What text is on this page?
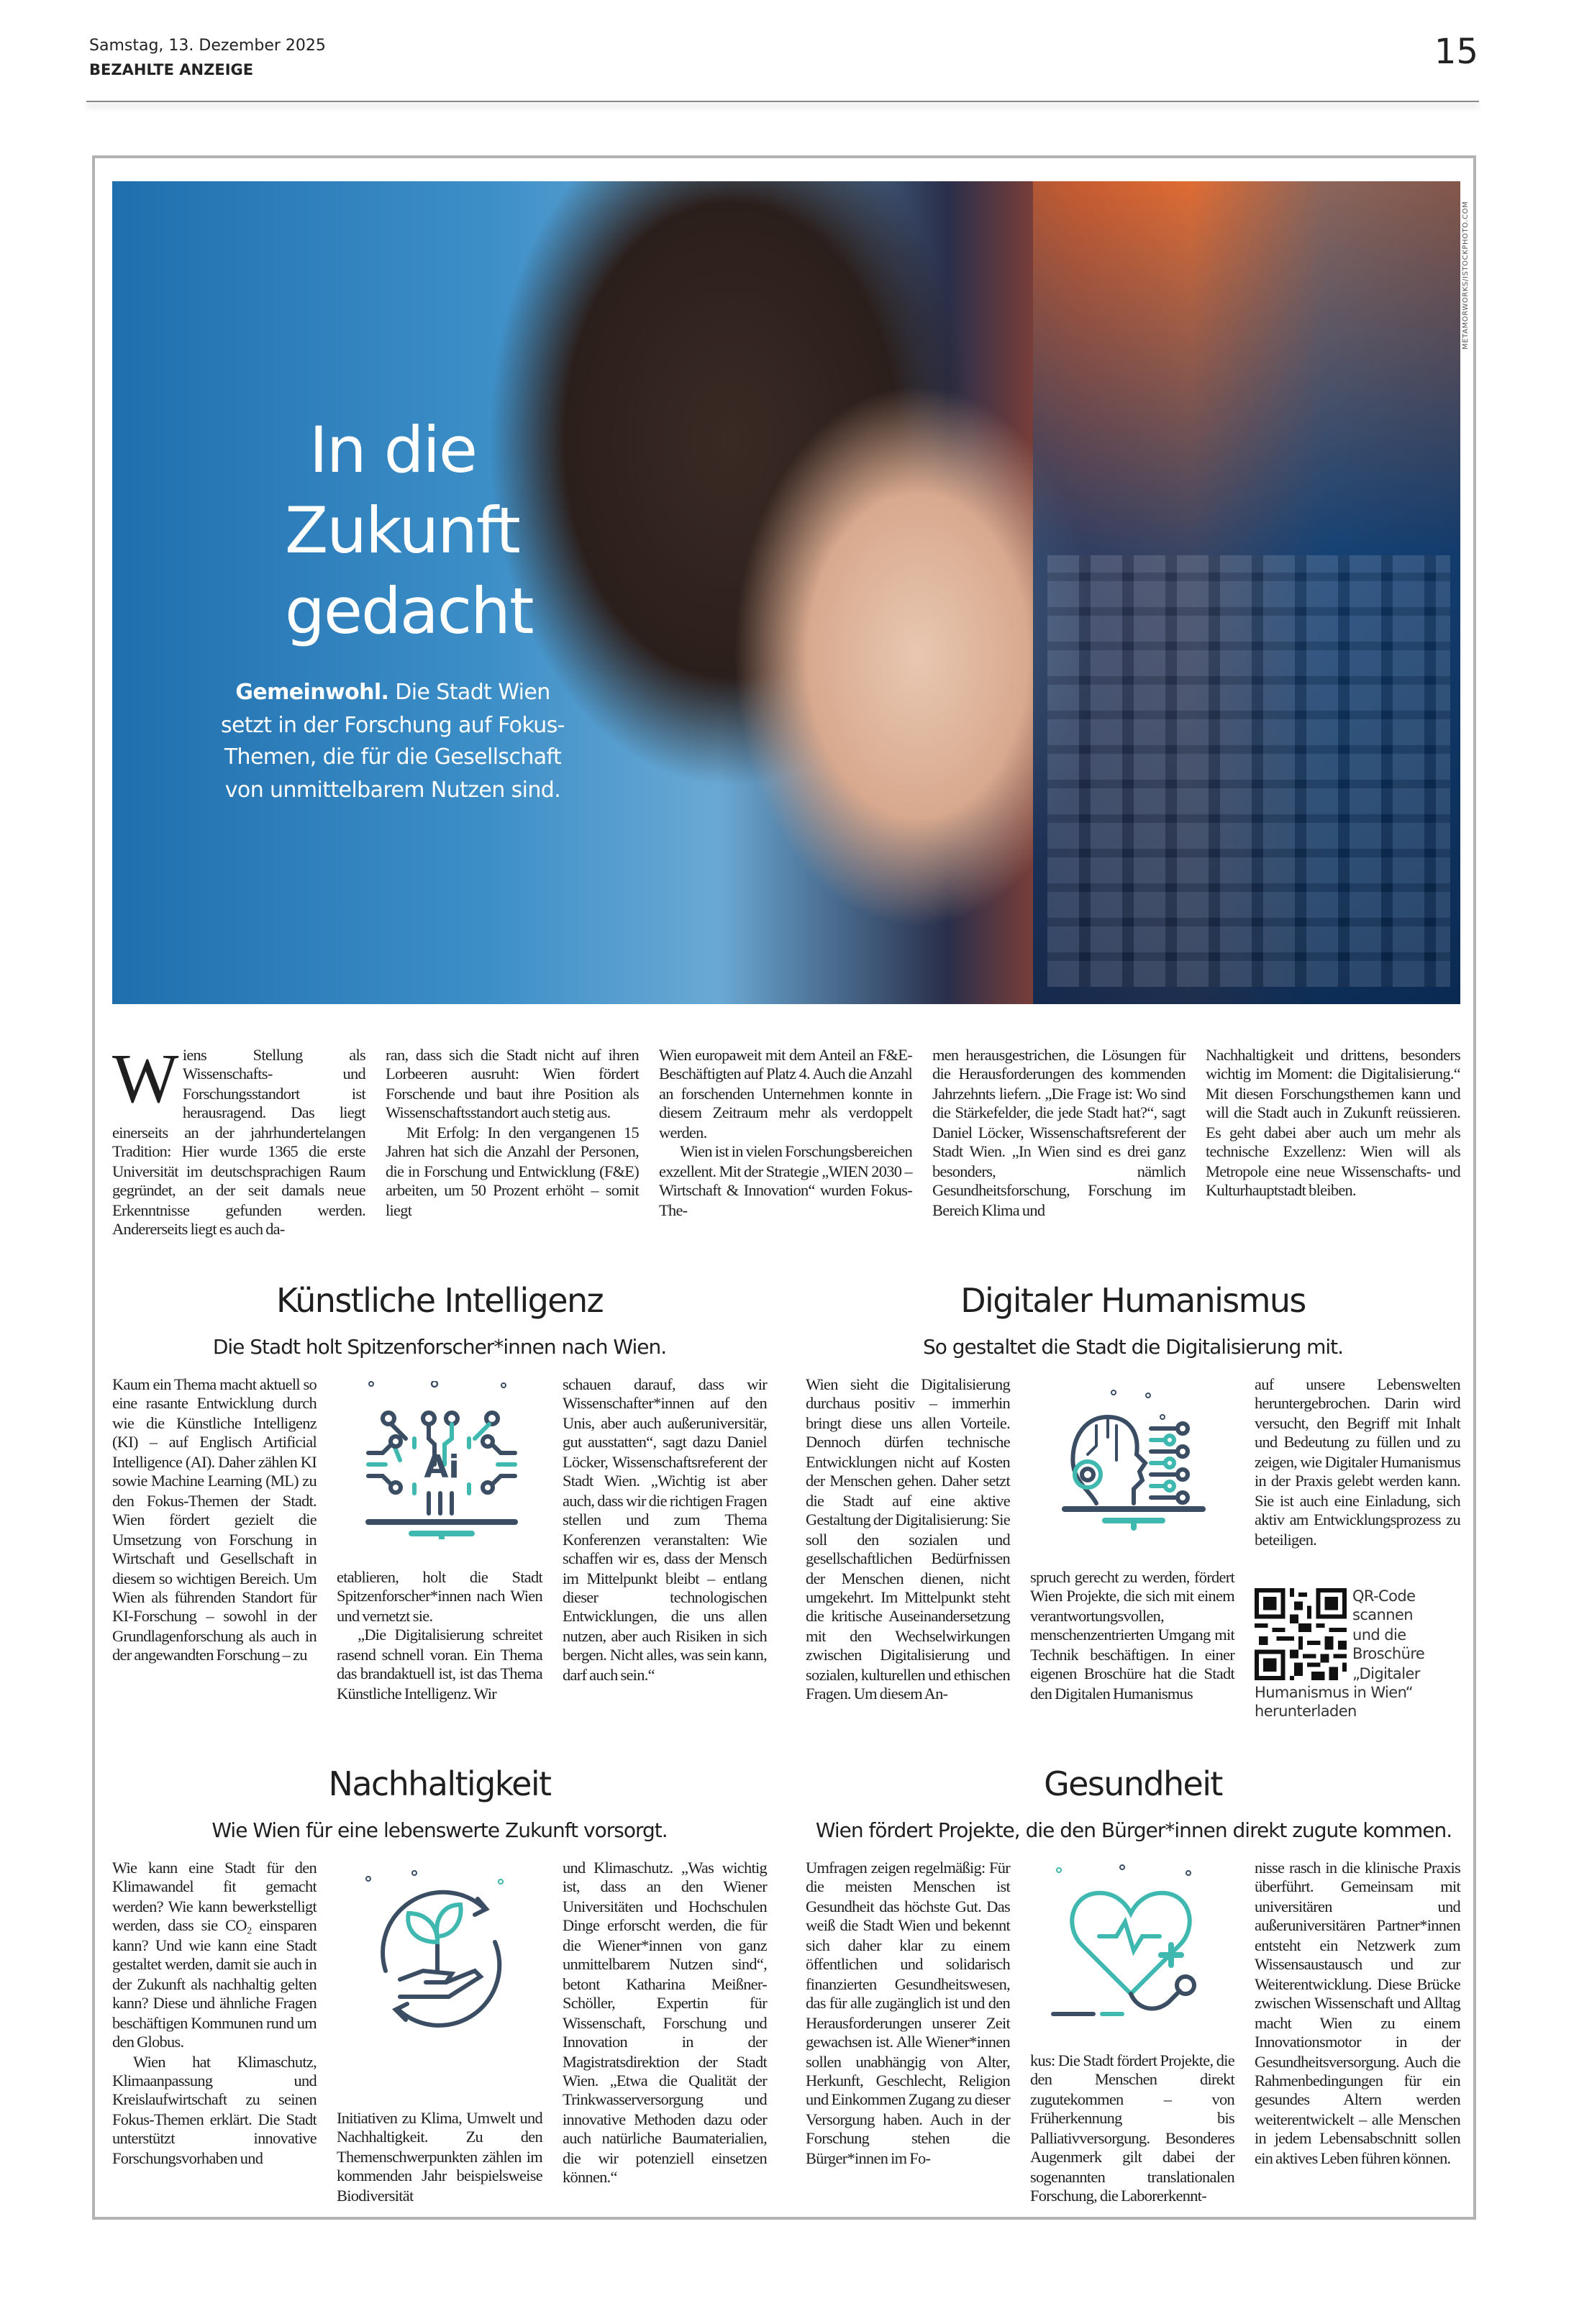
Samstag, 13. Dezember 2025
BEZAHLTE ANZEIGE	15
In die Zukunft gedacht
Gemeinwohl. Die Stadt Wien setzt in der Forschung auf Fokus-Themen, die für die Gesellschaft von unmittelbarem Nutzen sind.
METAMORWORKS/ISTOCKPHOTO.COM

Wiens Stellung als Wissenschafts- und Forschungsstandort ist herausragend. Das liegt einerseits an der jahrhundertelangen Tradition: Hier wurde 1365 die erste Universität im deutschsprachigen Raum gegründet, an der seit damals neue Erkenntnisse gefunden werden. Andererseits liegt es auch da-

ran, dass sich die Stadt nicht auf ihren Lorbeeren ausruht: Wien fördert Forschende und baut ihre Position als Wissenschaftsstandort auch stetig aus.

Mit Erfolg: In den vergangenen 15 Jahren hat sich die Anzahl der Personen, die in Forschung und Entwicklung (F&E) arbeiten, um 50 Prozent erhöht – somit liegt

Wien europaweit mit dem Anteil an F&E-Beschäftigten auf Platz 4. Auch die Anzahl an forschenden Unternehmen konnte in diesem Zeitraum mehr als verdoppelt werden.

Wien ist in vielen Forschungsbereichen exzellent. Mit der Strategie „WIEN 2030 – Wirtschaft & Innovation“ wurden Fokus-The-

men herausgestrichen, die Lösungen für die Herausforderungen des kommenden Jahrzehnts liefern. „Die Frage ist: Wo sind die Stärkefelder, die jede Stadt hat?“, sagt Daniel Löcker, Wissenschaftsreferent der Stadt Wien. „In Wien sind es drei ganz besonders, nämlich Gesundheitsforschung, Forschung im Bereich Klima und

Nachhaltigkeit und drittens, besonders wichtig im Moment: die Digitalisierung.“ Mit diesen Forschungsthemen kann und will die Stadt auch in Zukunft reüssieren. Es geht dabei aber auch um mehr als technische Exzellenz: Wien will als Metropole eine neue Wissenschafts- und Kulturhauptstadt bleiben.

Künstliche Intelligenz
Die Stadt holt Spitzenforscher*innen nach Wien.

Kaum ein Thema macht aktuell so eine rasante Entwicklung durch wie die Künstliche Intelligenz (KI) – auf Englisch Artificial Intelligence (AI). Daher zählen KI sowie Machine Learning (ML) zu den Fokus-Themen der Stadt. Wien fördert gezielt die Umsetzung von Forschung in Wirtschaft und Gesellschaft in diesem so wichtigen Bereich. Um Wien als führenden Standort für KI-Forschung – sowohl in der Grundlagenforschung als auch in der angewandten Forschung – zu

Ai

etablieren, holt die Stadt Spitzenforscher*innen nach Wien und vernetzt sie.

„Die Digitalisierung schreitet rasend schnell voran. Ein Thema das brandaktuell ist, ist das Thema Künstliche Intelligenz. Wir

schauen darauf, dass wir Wissenschafter*innen auf den Unis, aber auch außeruniversitär, gut ausstatten“, sagt dazu Daniel Löcker, Wissenschaftsreferent der Stadt Wien. „Wichtig ist aber auch, dass wir die richtigen Fragen stellen und zum Thema Konferenzen veranstalten: Wie schaffen wir es, dass der Mensch im Mittelpunkt bleibt – entlang dieser technologischen Entwicklungen, die uns allen nutzen, aber auch Risiken in sich bergen. Nicht alles, was sein kann, darf auch sein.“

Digitaler Humanismus
So gestaltet die Stadt die Digitalisierung mit.

Wien sieht die Digitalisierung durchaus positiv – immerhin bringt diese uns allen Vorteile. Dennoch dürfen technische Entwicklungen nicht auf Kosten der Menschen gehen. Daher setzt die Stadt auf eine aktive Gestaltung der Digitalisierung: Sie soll den sozialen und gesellschaftlichen Bedürfnissen der Menschen dienen, nicht umgekehrt. Im Mittelpunkt steht die kritische Auseinandersetzung mit den Wechselwirkungen zwischen Digitalisierung und sozialen, kulturellen und ethischen Fragen. Um diesem An-

spruch gerecht zu werden, fördert Wien Projekte, die sich mit einem verantwortungsvollen, menschenzentrierten Umgang mit Technik beschäftigen. In einer eigenen Broschüre hat die Stadt den Digitalen Humanismus

auf unsere Lebenswelten heruntergebrochen. Darin wird versucht, den Begriff mit Inhalt und Bedeutung zu füllen und zu zeigen, wie Digitaler Humanismus in der Praxis gelebt werden kann. Sie ist auch eine Einladung, sich aktiv am Entwicklungsprozess zu beteiligen.

QR-Code
scannen
und die
Broschüre
„Digitaler
Humanismus in Wien“
herunterladen
Nachhaltigkeit
Wie Wien für eine lebenswerte Zukunft vorsorgt.

Wie kann eine Stadt für den Klimawandel fit gemacht werden? Wie kann bewerkstelligt werden, dass sie CO₂ einsparen kann? Und wie kann eine Stadt gestaltet werden, damit sie auch in der Zukunft als nachhaltig gelten kann? Diese und ähnliche Fragen beschäftigen Kommunen rund um den Globus.

Wien hat Klimaschutz, Klimaanpassung und Kreislaufwirtschaft zu seinen Fokus-Themen erklärt. Die Stadt unterstützt innovative Forschungsvorhaben und

Initiativen zu Klima, Umwelt und Nachhaltigkeit. Zu den Themenschwerpunkten zählen im kommenden Jahr beispielsweise Biodiversität

und Klimaschutz. „Was wichtig ist, dass an den Wiener Universitäten und Hochschulen Dinge erforscht werden, die für die Wiener*innen von ganz unmittelbarem Nutzen sind“, betont Katharina Meißner-Schöller, Expertin für Wissenschaft, Forschung und Innovation in der Magistratsdirektion der Stadt Wien. „Etwa die Qualität der Trinkwasserversorgung und innovative Methoden dazu oder auch natürliche Baumaterialien, die wir potenziell einsetzen können.“

Gesundheit
Wien fördert Projekte, die den Bürger*innen direkt zugute kommen.

Umfragen zeigen regelmäßig: Für die meisten Menschen ist Gesundheit das höchste Gut. Das weiß die Stadt Wien und bekennt sich daher klar zu einem öffentlichen und solidarisch finanzierten Gesundheitswesen, das für alle zugänglich ist und den Herausforderungen unserer Zeit gewachsen ist. Alle Wiener*innen sollen unabhängig von Alter, Herkunft, Geschlecht, Religion und Einkommen Zugang zu dieser Versorgung haben. Auch in der Forschung stehen die Bürger*innen im Fo-

kus: Die Stadt fördert Projekte, die den Menschen direkt zugutekommen – von Früherkennung bis Palliativversorgung. Besonderes Augenmerk gilt dabei der sogenannten translationalen Forschung, die Laborerkennt-

nisse rasch in die klinische Praxis überführt. Gemeinsam mit universitären und außeruniversitären Partner*innen entsteht ein Netzwerk zum Wissensaustausch und zur Weiterentwicklung. Diese Brücke zwischen Wissenschaft und Alltag macht Wien zu einem Innovationsmotor in der Gesundheitsversorgung. Auch die Rahmenbedingungen für ein gesundes Altern werden weiterentwickelt – alle Menschen in jedem Lebensabschnitt sollen ein aktives Leben führen können.
